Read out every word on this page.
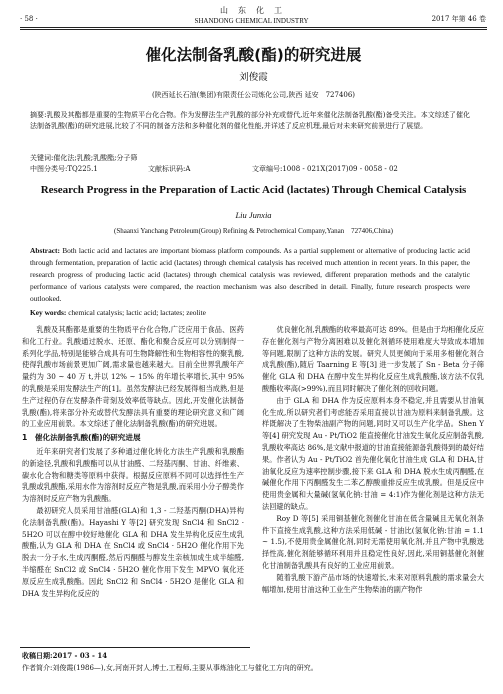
· 58 ·
山　东　化　工
SHANDONG CHEMICAL INDUSTRY	2017 年第 46 卷
催化法制备乳酸(酯)的研究进展
刘俊霞
(陕西延长石油(集团)有限责任公司炼化公司,陕西 延安　727406)
摘要:乳酸及其酯都是重要的生物质平台化合物。作为发酵法生产乳酸的部分补充或替代,近年来催化法制备乳酸(酯)备受关注。本文综述了催化法制备乳酸(酯)的研究进展,比较了不同的制备方法和多种催化剂的催化性能,并详述了反应机理,最后对未来研究前景进行了展望。
关键词:催化法;乳酸;乳酸酯;分子筛
中图分类号:TQ225.1	文献标识码:A	文章编号:1008 - 021X(2017)09 - 0058 - 02
Research Progress in the Preparation of Lactic Acid (lactates) Through Chemical Catalysis
Liu Junxia
(Shaanxi Yanchang Petroleum(Group) Refining & Petrochemical Company,Yanan　727406,China)
Abstract: Both lactic acid and lactates are important biomass platform compounds. As a partial supplement or alternative of producing lactic acid through fermentation, preparation of lactic acid (lactates) through chemical catalysis has received much attention in recent years. In this paper, the research progress of producing lactic acid (lactates) through chemical catalysis was reviewed, different preparation methods and the catalytic performance of various catalysts were compared, the reaction mechanism was also described in detail. Finally, future research prospects were outlooked.
Key words: chemical catalysis; lactic acid; lactates; zeolite

乳酸及其酯都是重要的生物质平台化合物,广泛应用于食品、医药和化工行业。乳酸通过脱水、还原、酯化和聚合反应可以分别制得一系列化学品,特别是能够合成具有可生物降解性和生物相容性的聚乳酸,使得乳酸市场前景更加广阔,需求量也越来越大。目前全世界乳酸年产量约为 30 ~ 40 万 t,并以 12% ~ 15% 的年增长率增长,其中 95% 的乳酸是采用发酵法生产的[1]。虽然发酵法已经发展得相当成熟,但是生产过程仍存在发酵条件苛刻及效率低等缺点。因此,开发催化法制备乳酸(酯),将来部分补充或替代发酵法具有重要的理论研究意义和广阔的工业应用前景。本文综述了催化法制备乳酸(酯)的研究进展。

1　催化法制备乳酸(酯)的研究进展

近年来研究者们发展了多种通过催化转化方法生产乳酸和乳酸酯的新途径,乳酸和乳酸酯可以从甘油醛、二羟基丙酮、甘油、纤维素、碳水化合物和糖类等原料中获得。根据反应原料不同可以选择性生产乳酸或乳酸酯,采用水作为溶剂时反应产物是乳酸,而采用小分子醇类作为溶剂时反应产物为乳酸酯。

最初研究人员采用甘油醛(GLA)和 1,3 - 二羟基丙酮(DHA)异构化法制备乳酸(酯)。Hayashi Y 等[2] 研究发现 SnCl4 和 SnCl2 · 5H2O 可以在醇中较好地催化 GLA 和 DHA 发生异构化反应生成乳酸酯,认为 GLA 和 DHA 在 SnCl4 或 SnCl4 · 5H2O 催化作用下先脱去一分子水,生成丙酮醛,然后丙酮醛与醇发生亲核加成生成半缩醛,半缩醛在 SnCl2 或 SnCl4 · 5H2O 催化作用下发生 MPVO 氧化还原反应生成乳酸酯。因此 SnCl2 和 SnCl4 · 5H2O 是催化 GLA 和 DHA 发生异构化反应的

优良催化剂,乳酸酯的收率最高可达 89%。但是由于均相催化反应存在催化剂与产物分离困难以及催化剂循环使用难度大导致成本增加等问题,限制了这种方法的发展。研究人员更倾向于采用多相催化剂合成乳酸(酯),随后 Taarning E 等[3] 进一步发展了 Sn - Beta 分子筛催化 GLA 和 DHA 在醇中发生异构化反应生成乳酸酯,该方法不仅乳酸酯收率高(>99%),而且同时解决了催化剂的回收问题。

由于 GLA 和 DHA 作为反应原料本身不稳定,并且需要从甘油氧化生成,所以研究者们考虑能否采用直接以甘油为原料来制备乳酸。这样既解决了生物柴油副产物的问题,同时又可以生产化学品。Shen Y 等[4] 研究发现 Au - Pt/TiO2 能直接催化甘油发生氧化反应制备乳酸,乳酸收率高达 86%,是文献中报道的甘油直接能源备乳酸得到的最好结果。作者认为 Au - Pt/TiO2 首先催化氧化甘油生成 GLA 和 DHA,甘油氧化反应为速率控制步骤,接下来 GLA 和 DHA 脱水生成丙酮醛,在碱催化作用下丙酮醛发生二苯乙醇酸重排反应生成乳酸。但是反应中使用贵金属和大量碱(氢氧化钠:甘油 = 4:1)作为催化剂是这种方法无法回避的缺点。

Roy D 等[5] 采用铜基催化剂催化甘油在低含量碱且无氧化剂条件下直接生成乳酸,这种方法采用低碱 - 甘油比(氢氧化钠:甘油 = 1.1 ~ 1.5),不使用贵金属催化剂,同时无需使用氧化剂,并且产物中乳酸选择性高,催化剂能够循环利用并且稳定性良好,因此,采用铜基催化剂催化甘油制备乳酸具有良好的工业应用前景。

随着乳酸下游产品市场的快速增长,未来对原料乳酸的需求量会大幅增加,使用甘油这种工业生产生物柴油的副产物作

收稿日期:2017 - 03 - 14
作者简介:刘俊霞(1986—),女,河南开封人,博士,工程师,主要从事炼油化工与催化工方向的研究。
